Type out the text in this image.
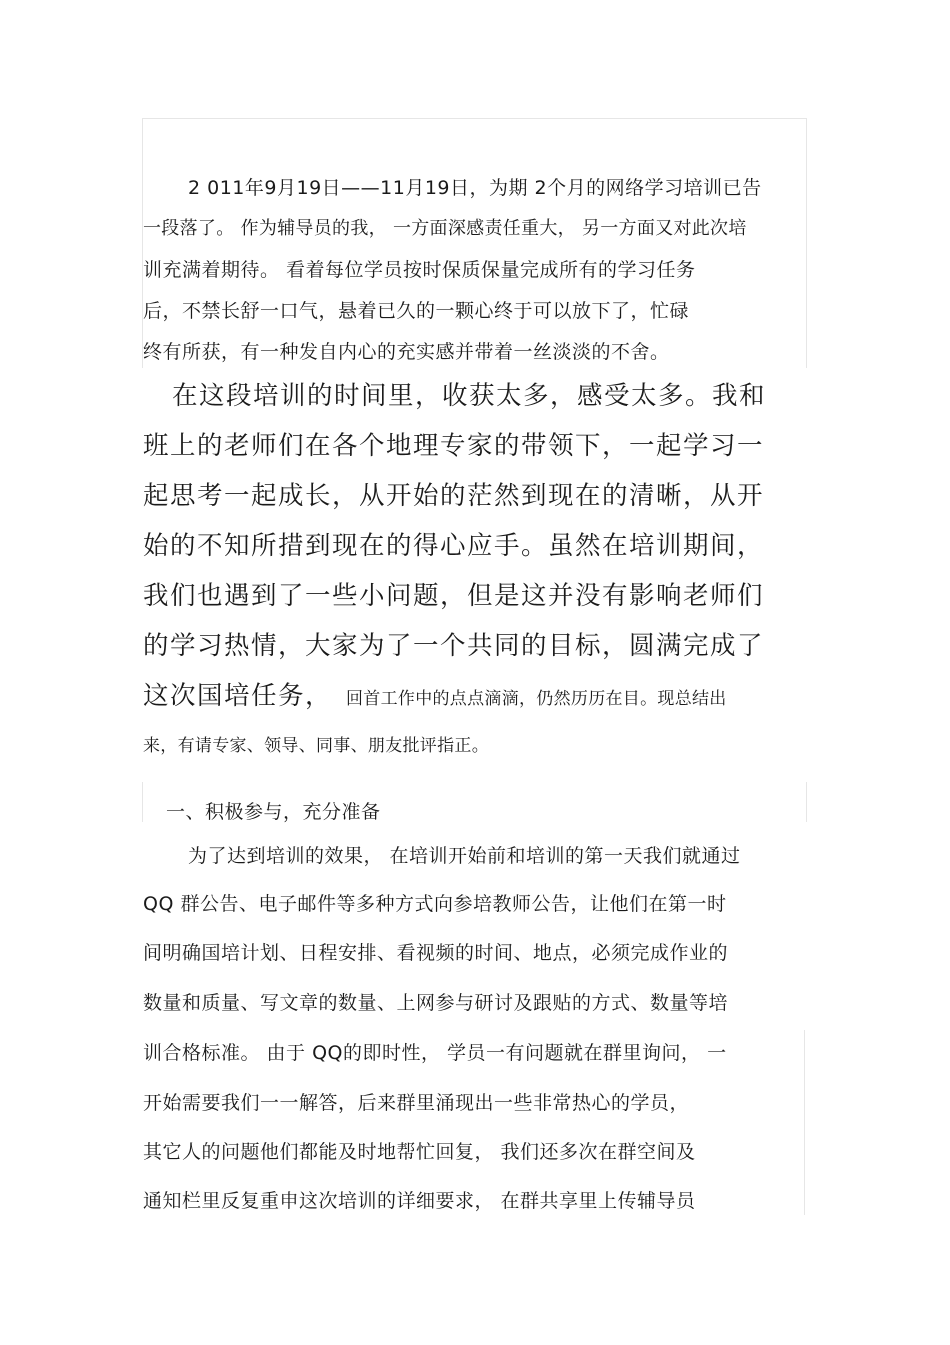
2 011年9月19日——11月19日，为期 2个月的网络学习培训已告

一段落了。 作为辅导员的我， 一方面深感责任重大， 另一方面又对此次培

训充满着期待。 看着每位学员按时保质保量完成所有的学习任务

后，不禁长舒一口气，悬着已久的一颗心终于可以放下了，忙碌

终有所获，有一种发自内心的充实感并带着一丝淡淡的不舍。

在这段培训的时间里，收获太多，感受太多。我和

班上的老师们在各个地理专家的带领下，一起学习一

起思考一起成长，从开始的茫然到现在的清晰，从开

始的不知所措到现在的得心应手。虽然在培训期间，

我们也遇到了一些小问题，但是这并没有影响老师们

的学习热情，大家为了一个共同的目标，圆满完成了

这次国培任务， 回首工作中的点点滴滴，仍然历历在目。现总结出

来，有请专家、领导、同事、朋友批评指正。

一、积极参与，充分准备

为了达到培训的效果， 在培训开始前和培训的第一天我们就通过

QQ 群公告、电子邮件等多种方式向参培教师公告，让他们在第一时

间明确国培计划、日程安排、看视频的时间、地点，必须完成作业的

数量和质量、写文章的数量、上网参与研讨及跟贴的方式、数量等培

训合格标准。 由于 QQ的即时性， 学员一有问题就在群里询问， 一

开始需要我们一一解答，后来群里涌现出一些非常热心的学员，

其它人的问题他们都能及时地帮忙回复， 我们还多次在群空间及

通知栏里反复重申这次培训的详细要求， 在群共享里上传辅导员
